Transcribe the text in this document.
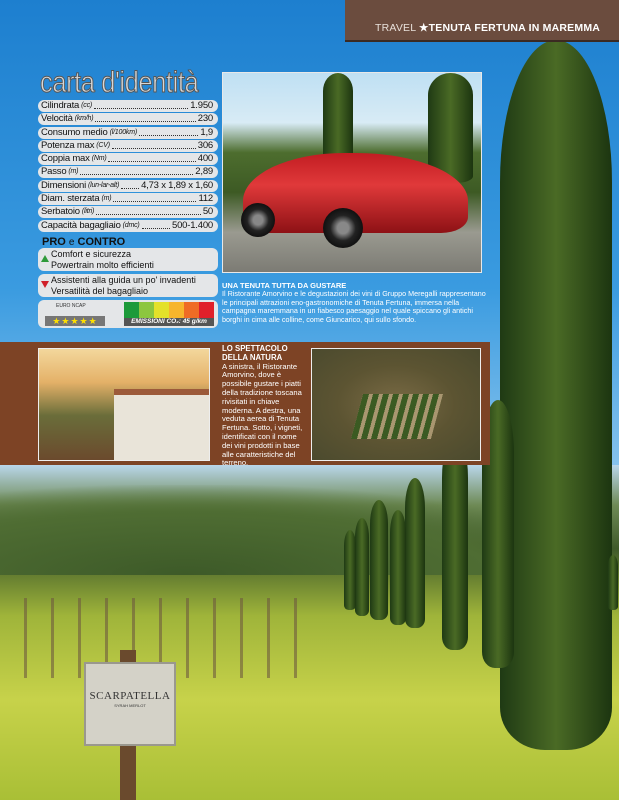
SCARPATELLA
SYRAH MERLOT
TRAVEL ★TENUTA FERTUNA IN MAREMMA
carta d'identità
Cilindrata (cc)	1.950
Velocità (km/h)	230
Consumo medio (l/100km)	1,9
Potenza max (CV)	306
Coppia max (Nm)	400
Passo (m)	2,89
Dimensioni (lun-lar-alt) 4,73 x 1,89 x 1,60
Diam. sterzata (m)	112
Serbatoio (litri)	50
Capacità bagagliaio (dmc)	500-1.400
PRO e CONTRO
Comfort e sicurezza
Powertrain molto efficienti
Assistenti alla guida un po' invadenti
Versatilità del bagagliaio
EURO NCAP
★★★★★	EMISSIONI CO₂: 45 g/km
UNA TENUTA TUTTA DA GUSTARE
Il Ristorante Amorvino e le degustazioni dei vini di Gruppo Meregalli rappresentano le principali attrazioni eno-gastronomiche di Tenuta Fertuna, immersa nella campagna maremmana in un fiabesco paesaggio nel quale spiccano gli antichi borghi in cima alle colline, come Giuncarico, qui sullo sfondo.
LO SPETTACOLO DELLA NATURA
A sinistra, il Ristorante Amorvino, dove è possibile gustare i piatti della tradizione toscana rivisitati in chiave moderna. A destra, una veduta aerea di Tenuta Fertuna. Sotto, i vigneti, identificati con il nome dei vini prodotti in base alle caratteristiche del terreno.
